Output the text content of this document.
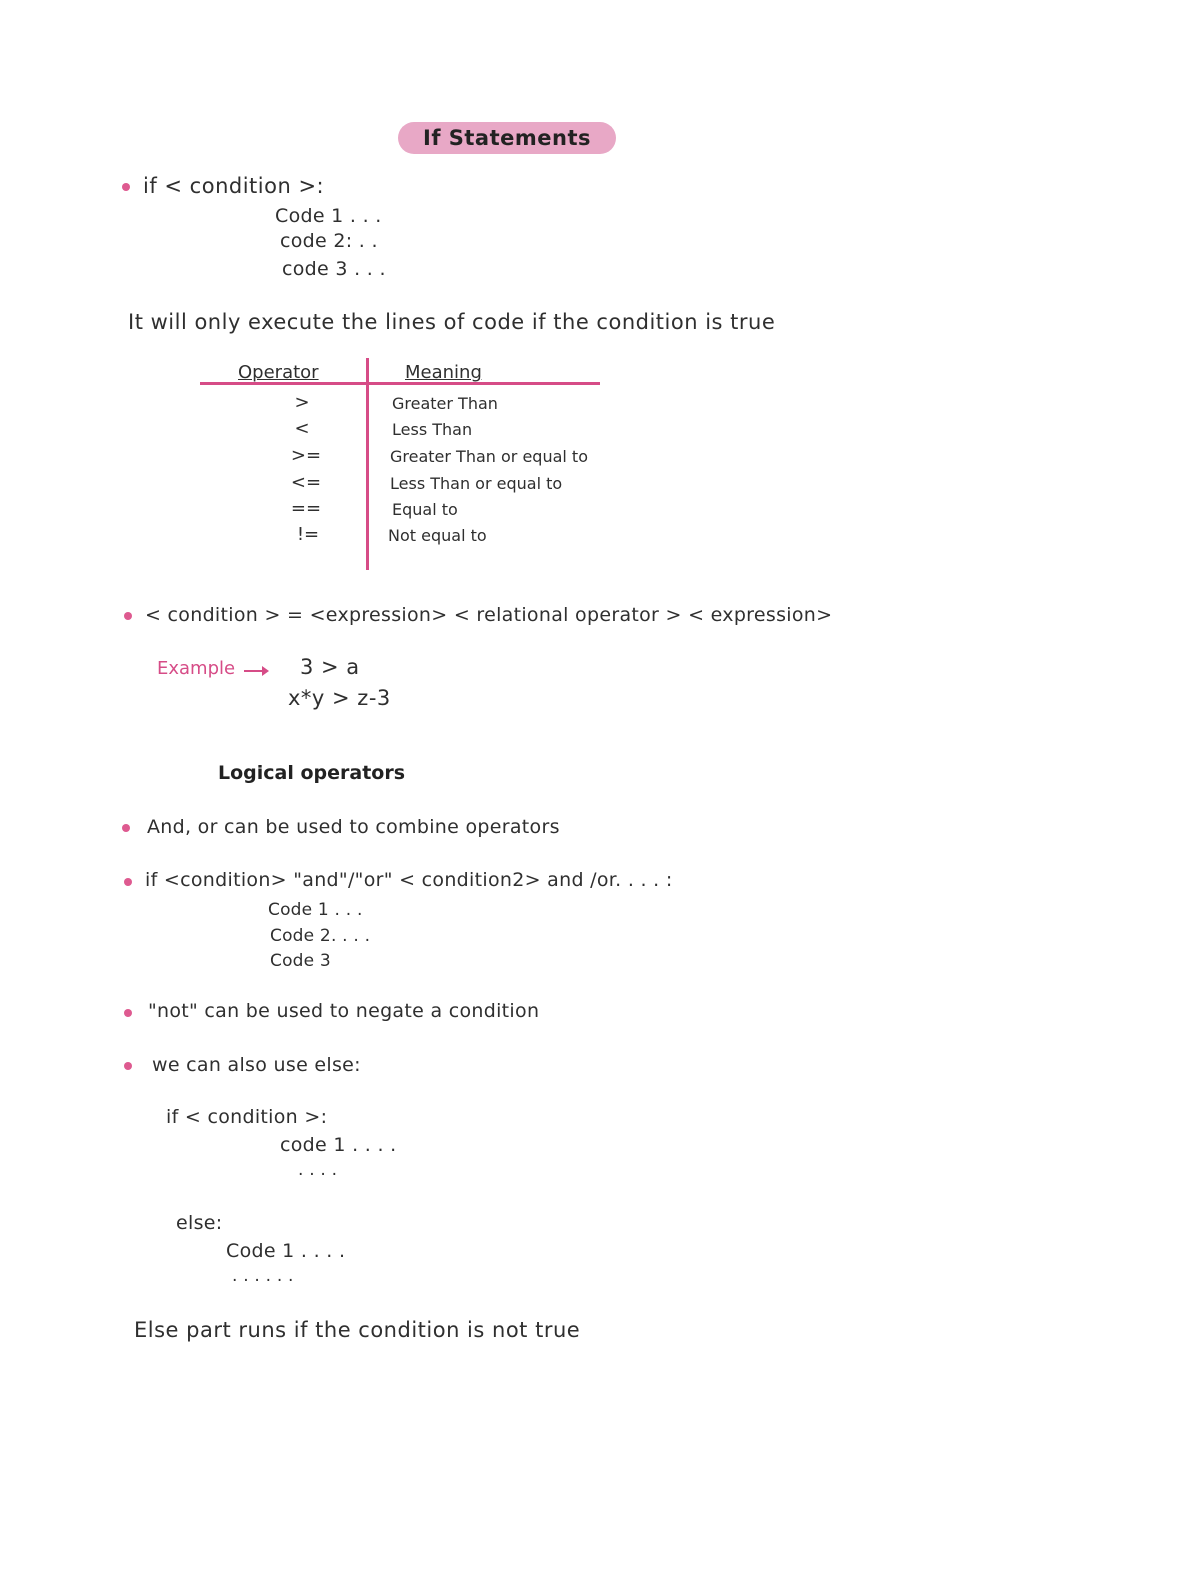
If Statements
if < condition >:
Code 1 . . .
code 2: . .
code 3 . . .
It will only execute the lines of code if the condition is true
Operator	Meaning
>	Greater Than
<	Less Than
>=	Greater Than or equal to
<=	Less Than or equal to
==	Equal to
!=	Not equal to
< condition > = <expression> < relational operator > < expression>
Example	3 > a
x*y > z-3
Logical operators
And, or can be used to combine operators
if <condition> "and"/"or" < condition2> and /or. . . . :
Code 1 . . .
Code 2. . . .
Code 3
"not" can be used to negate a condition
we can also use else:
if < condition >:
code 1 . . . .
. . . .
else:
Code 1 . . . .
. . . . . .
Else part runs if the condition is not true
